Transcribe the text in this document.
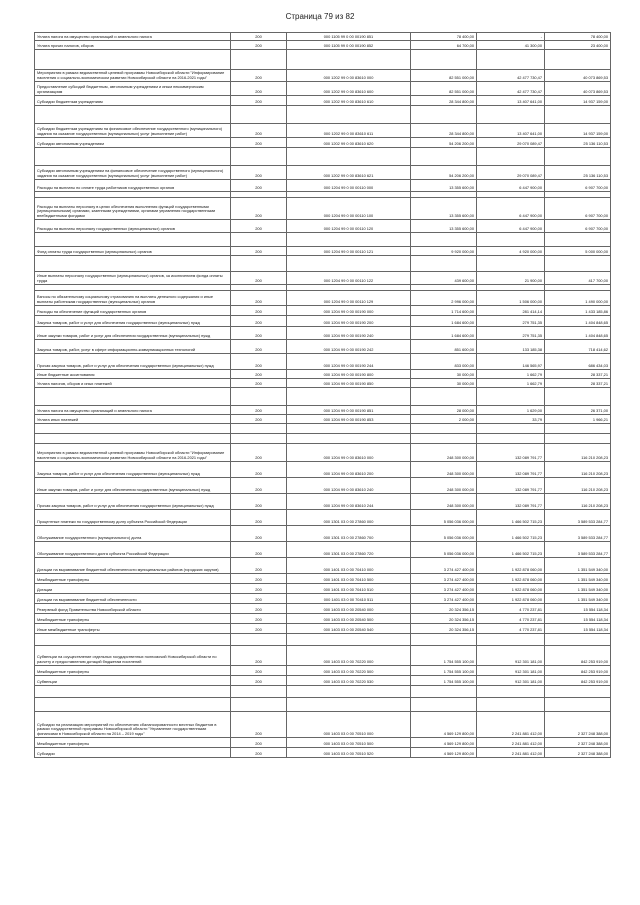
Страница 79 из 82
Уплата налога на имущество организаций и земельного налога	200	000 1105 99 0 00 00190 851	78 400,00	-	78 400,00
Уплата прочих налогов, сборов	200	000 1105 99 0 00 00190 852	64 700,00	41 300,00	23 400,00

Мероприятия в рамках ведомственной целевой программы Новосибирской области "Информирование населения о социально-экономическом развитии Новосибирской области на 2016-2021 годы"	200	000 1202 99 0 00 83610 000	82 551 000,00	42 477 730,47	40 073 869,53
Предоставление субсидий бюджетным, автономным учреждениям и иным некоммерческим организациям	200	000 1202 99 0 00 83610 600	82 551 000,00	42 477 730,47	40 073 869,53
Субсидии бюджетным учреждениям	200	000 1202 99 0 00 83610 610	28 344 800,00	13 407 641,00	14 937 159,00

Субсидии бюджетным учреждениям на финансовое обеспечение государственного (муниципального) задания на оказание государственных (муниципальных) услуг (выполнение работ)	200	000 1202 99 0 00 83610 611	28 344 800,00	13 407 641,00	14 937 159,00
Субсидии автономным учреждениям	200	000 1202 99 0 00 83610 620	54 206 200,00	29 070 089,47	25 136 110,53

Субсидии автономным учреждениям на финансовое обеспечение государственного (муниципального) задания на оказание государственных (муниципальных) услуг (выполнение работ)	200	000 1202 99 0 00 83610 621	54 206 200,00	29 070 089,47	25 136 110,53
Расходы на выплаты по оплате труда работников государственных органов	200	000 1204 99 0 00 00110 000	13 355 600,00	6 447 900,00	6 907 700,00

Расходы на выплаты персоналу в целях обеспечения выполнения функций государственными (муниципальными) органами, казенными учреждениями, органами управления государственными внебюджетными фондами	200	000 1204 99 0 00 00110 100	13 355 600,00	6 447 900,00	6 907 700,00
Расходы на выплаты персоналу государственных (муниципальных) органов	200	000 1204 99 0 00 00110 120	13 355 600,00	6 447 900,00	6 907 700,00

Фонд оплаты труда государственных (муниципальных) органов	200	000 1204 99 0 00 00110 121	9 920 000,00	4 920 000,00	5 000 000,00

Иные выплаты персоналу государственных (муниципальных) органов, за исключением фонда оплаты труда	200	000 1204 99 0 00 00110 122	439 600,00	21 900,00	417 700,00

Взносы по обязательному социальному страхованию на выплаты денежного содержания и иные выплаты работникам государственных (муниципальных) органов	200	000 1204 99 0 00 00110 129	2 996 000,00	1 506 000,00	1 490 000,00
Расходы на обеспечение функций государственных органов	200	000 1204 99 0 00 00190 000	1 714 600,00	281 414,14	1 433 185,86
Закупка товаров, работ и услуг для обеспечения государственных (муниципальных) нужд	200	000 1204 99 0 00 00190 200	1 684 600,00	279 751,35	1 404 848,65
Иные закупки товаров, работ и услуг для обеспечения государственных (муниципальных) нужд	200	000 1204 99 0 00 00190 240	1 684 600,00	279 751,35	1 404 848,65
Закупка товаров, работ, услуг в сфере информационно-коммуникационных технологий	200	000 1204 99 0 00 00190 242	851 600,00	133 185,38	718 414,62
Прочая закупка товаров, работ и услуг для обеспечения государственных (муниципальных) нужд	200	000 1204 99 0 00 00190 244	833 000,00	146 565,97	686 434,03
Иные бюджетные ассигнования	200	000 1204 99 0 00 00190 800	30 000,00	1 662,79	28 337,21
Уплата налогов, сборов и иных платежей	200	000 1204 99 0 00 00190 850	30 000,00	1 662,79	28 337,21

Уплата налога на имущество организаций и земельного налога	200	000 1204 99 0 00 00190 851	28 000,00	1 629,00	26 371,00
Уплата иных платежей	200	000 1204 99 0 00 00190 853	2 000,00	33,79	1 966,21

Мероприятия в рамках ведомственной целевой программы Новосибирской области "Информирование населения о социально-экономическом развитии Новосибирской области на 2016-2021 годы"	200	000 1204 99 0 00 83610 000	248 300 000,00	132 089 791,77	116 210 208,23
Закупка товаров, работ и услуг для обеспечения государственных (муниципальных) нужд	200	000 1204 99 0 00 83610 200	248 300 000,00	132 089 791,77	116 210 208,23
Иные закупки товаров, работ и услуг для обеспечения государственных (муниципальных) нужд	200	000 1204 99 0 00 83610 240	248 300 000,00	132 089 791,77	116 210 208,23
Прочая закупка товаров, работ и услуг для обеспечения государственных (муниципальных) нужд	200	000 1204 99 0 00 83610 244	248 300 000,00	132 089 791,77	116 210 208,23
Процентные платежи по государственному долгу субъекта Российской Федерации	200	000 1301 03 0 00 27860 000	5 056 036 000,00	1 466 502 715,23	3 589 533 284,77
Обслуживание государственного (муниципального) долга	200	000 1301 03 0 00 27860 700	5 056 036 000,00	1 466 502 715,23	3 589 533 284,77
Обслуживание государственного долга субъекта Российской Федерации	200	000 1301 03 0 00 27860 720	5 056 036 000,00	1 466 502 715,23	3 589 533 284,77
Дотации на выравнивание бюджетной обеспеченности муниципальных районов (городских округов)	200	000 1401 03 0 00 70410 000	3 274 427 400,00	1 922 878 060,00	1 351 549 340,00
Межбюджетные трансферты	200	000 1401 03 0 00 70410 500	3 274 427 400,00	1 922 878 060,00	1 351 549 340,00
Дотации	200	000 1401 03 0 00 70410 510	3 274 427 400,00	1 922 878 060,00	1 351 549 340,00
Дотации на выравнивание бюджетной обеспеченности	200	000 1401 03 0 00 70410 511	3 274 427 400,00	1 922 878 060,00	1 351 549 340,00
Резервный фонд Правительства Новосибирской области	200	000 1403 03 0 00 20540 000	20 324 356,15	4 770 237,81	15 554 118,34
Межбюджетные трансферты	200	000 1403 03 0 00 20540 500	20 324 356,15	4 770 237,81	15 554 118,34
Иные межбюджетные трансферты	200	000 1403 03 0 00 20540 540	20 324 356,15	4 770 237,81	15 554 118,34

Субвенции на осуществление отдельных государственных полномочий Новосибирской области по расчету и предоставлению дотаций бюджетам поселений	200	000 1403 03 0 00 70220 000	1 754 555 100,00	912 301 181,00	842 253 919,00
Межбюджетные трансферты	200	000 1403 03 0 00 70220 500	1 754 555 100,00	912 301 181,00	842 253 919,00
Субвенции	200	000 1403 03 0 00 70220 530	1 754 555 100,00	912 301 181,00	842 253 919,00

Субсидии на реализацию мероприятий по обеспечению сбалансированности местных бюджетов в рамках государственной программы Новосибирской области "Управление государственными финансами в Новосибирской области на 2014 – 2019 годы"	200	000 1403 03 0 00 70510 000	4 569 129 800,00	2 241 881 412,00	2 327 248 388,00
Межбюджетные трансферты	200	000 1403 03 0 00 70510 500	4 569 129 800,00	2 241 881 412,00	2 327 248 388,00
Субсидии	200	000 1403 03 0 00 70510 520	4 569 129 800,00	2 241 881 412,00	2 327 248 388,00
